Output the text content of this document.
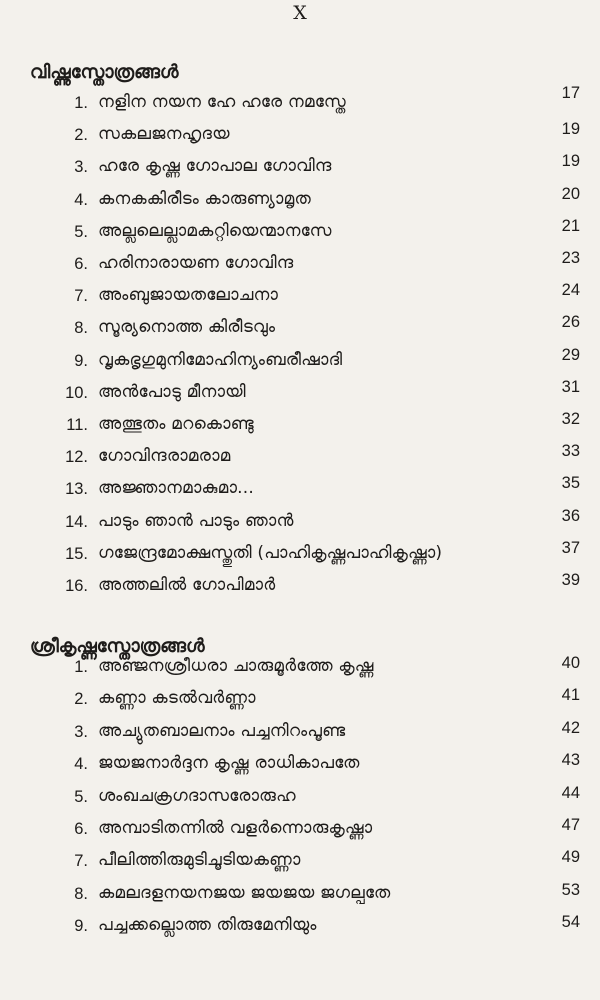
X
വിഷ്ണുസ്തോത്രങ്ങൾ
1. നളിന നയന ഹേ ഹരേ നമസ്തേ	17
2. സകലജനഹൃദയ	19
3. ഹരേ കൃഷ്ണ ഗോപാല ഗോവിന്ദ	19
4. കനകകിരീടം കാരുണ്യാമൃത	20
5. അല്ലലെല്ലാമകറ്റിയെന്മാനസേ	21
6. ഹരിനാരായണ ഗോവിന്ദ	23
7. അംബുജായതലോചനാ	24
8. സൂര്യനൊത്ത കിരീടവും	26
9. വൃകഭൃഗുമുനിമോഹിന്യംബരീഷാദി	29
10. അൻപോടു മീനായി	31
11. അത്ഭുതം മറകൊണ്ടു	32
12. ഗോവിന്ദരാമരാമ	33
13. അജ്ഞാനമാകുമാ...	35
14. പാടും ഞാൻ പാടും ഞാൻ	36
15. ഗജേന്ദ്രമോക്ഷസ്തുതി (പാഹികൃഷ്ണപാഹികൃഷ്ണാ)	37
16. അത്തലിൽ ഗോപിമാർ	39
ശ്രീകൃഷ്ണസ്തോത്രങ്ങൾ
1. അഞ്ജനശ്രീധരാ ചാരുമൂർത്തേ കൃഷ്ണ	40
2. കണ്ണാ കടൽവർണ്ണാ	41
3. അച്യുതബാലനാം പച്ചനിറംപൂണ്ട	42
4. ജയജനാർദ്ദന കൃഷ്ണ രാധികാപതേ	43
5. ശംഖചക്രഗദാസരോരുഹ	44
6. അമ്പാടിതന്നിൽ വളർന്നൊരുകൃഷ്ണാ	47
7. പീലിത്തിരുമുടിചൂടിയകണ്ണാ	49
8. കമലദളനയനജയ ജയജയ ജഗല്പതേ	53
9. പച്ചക്കല്ലൊത്ത തിരുമേനിയും	54
